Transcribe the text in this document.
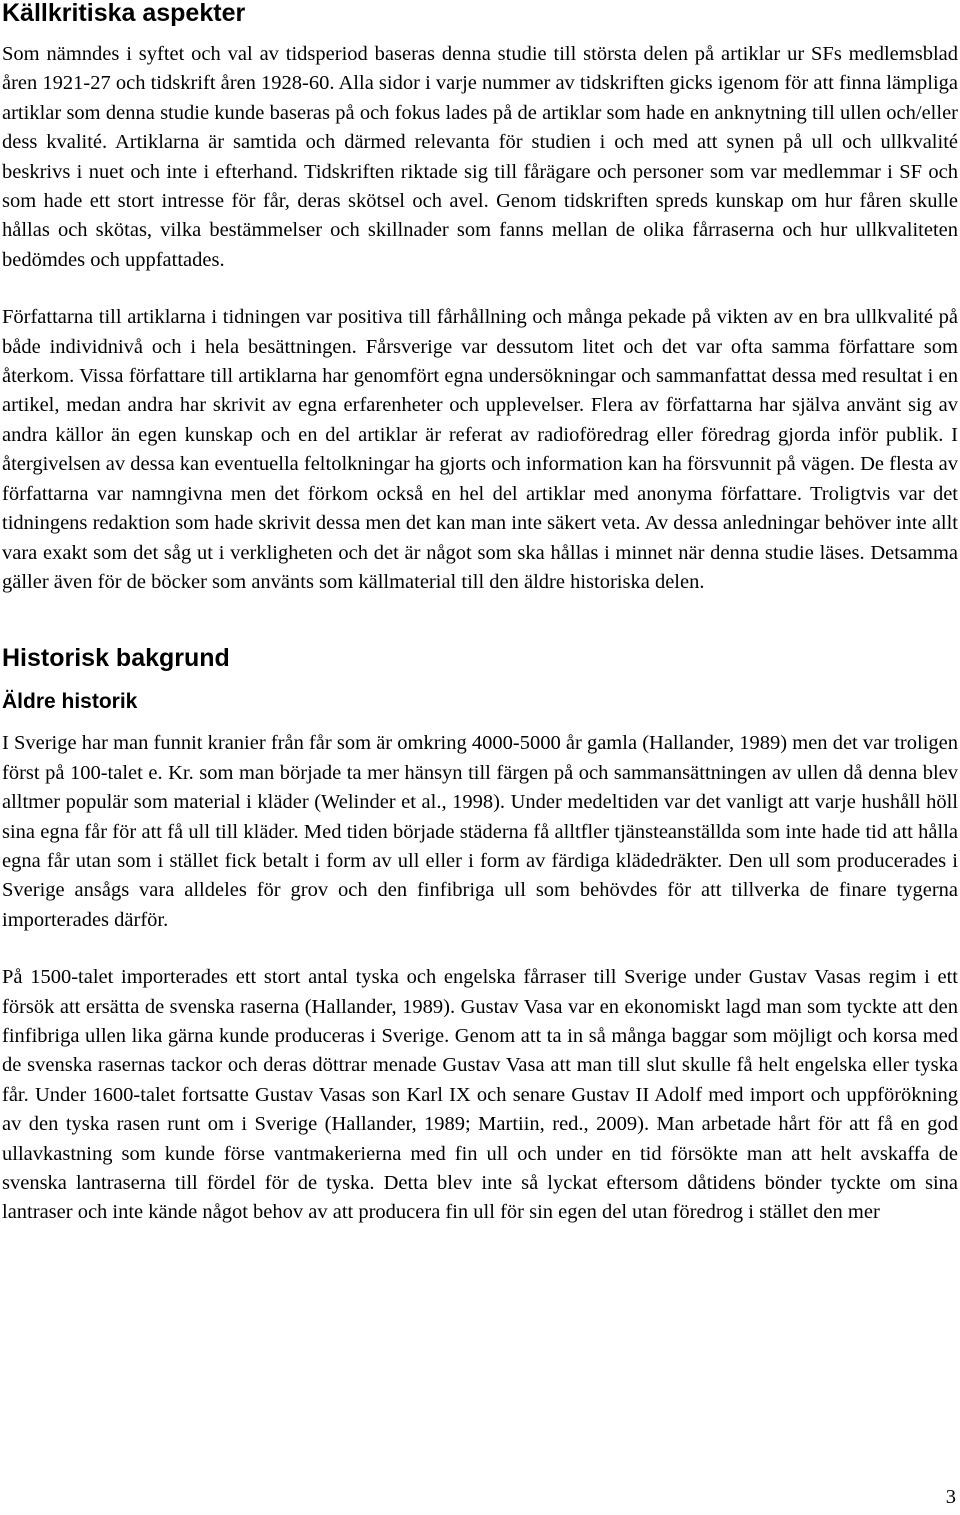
Källkritiska aspekter

Som nämndes i syftet och val av tidsperiod baseras denna studie till största delen på artiklar ur SFs medlemsblad åren 1921-27 och tidskrift åren 1928-60. Alla sidor i varje nummer av tidskriften gicks igenom för att finna lämpliga artiklar som denna studie kunde baseras på och fokus lades på de artiklar som hade en anknytning till ullen och/eller dess kvalité. Artiklarna är samtida och därmed relevanta för studien i och med att synen på ull och ullkvalité beskrivs i nuet och inte i efterhand. Tidskriften riktade sig till fårägare och personer som var medlemmar i SF och som hade ett stort intresse för får, deras skötsel och avel. Genom tidskriften spreds kunskap om hur fåren skulle hållas och skötas, vilka bestämmelser och skillnader som fanns mellan de olika fårraserna och hur ullkvaliteten bedömdes och uppfattades.

Författarna till artiklarna i tidningen var positiva till fårhållning och många pekade på vikten av en bra ullkvalité på både individnivå och i hela besättningen. Fårsverige var dessutom litet och det var ofta samma författare som återkom. Vissa författare till artiklarna har genomfört egna undersökningar och sammanfattat dessa med resultat i en artikel, medan andra har skrivit av egna erfarenheter och upplevelser. Flera av författarna har själva använt sig av andra källor än egen kunskap och en del artiklar är referat av radioföredrag eller föredrag gjorda inför publik. I återgivelsen av dessa kan eventuella feltolkningar ha gjorts och information kan ha försvunnit på vägen. De flesta av författarna var namngivna men det förkom också en hel del artiklar med anonyma författare. Troligtvis var det tidningens redaktion som hade skrivit dessa men det kan man inte säkert veta. Av dessa anledningar behöver inte allt vara exakt som det såg ut i verkligheten och det är något som ska hållas i minnet när denna studie läses. Detsamma gäller även för de böcker som använts som källmaterial till den äldre historiska delen.

Historisk bakgrund
Äldre historik

I Sverige har man funnit kranier från får som är omkring 4000-5000 år gamla (Hallander, 1989) men det var troligen först på 100-talet e. Kr. som man började ta mer hänsyn till färgen på och sammansättningen av ullen då denna blev alltmer populär som material i kläder (Welinder et al., 1998). Under medeltiden var det vanligt att varje hushåll höll sina egna får för att få ull till kläder. Med tiden började städerna få alltfler tjänsteanställda som inte hade tid att hålla egna får utan som i stället fick betalt i form av ull eller i form av färdiga klädedräkter. Den ull som producerades i Sverige ansågs vara alldeles för grov och den finfibriga ull som behövdes för att tillverka de finare tygerna importerades därför.

På 1500-talet importerades ett stort antal tyska och engelska fårraser till Sverige under Gustav Vasas regim i ett försök att ersätta de svenska raserna (Hallander, 1989). Gustav Vasa var en ekonomiskt lagd man som tyckte att den finfibriga ullen lika gärna kunde produceras i Sverige. Genom att ta in så många baggar som möjligt och korsa med de svenska rasernas tackor och deras döttrar menade Gustav Vasa att man till slut skulle få helt engelska eller tyska får. Under 1600-talet fortsatte Gustav Vasas son Karl IX och senare Gustav II Adolf med import och uppförökning av den tyska rasen runt om i Sverige (Hallander, 1989; Martiin, red., 2009). Man arbetade hårt för att få en god ullavkastning som kunde förse vantmakerierna med fin ull och under en tid försökte man att helt avskaffa de svenska lantraserna till fördel för de tyska. Detta blev inte så lyckat eftersom dåtidens bönder tyckte om sina lantraser och inte kände något behov av att producera fin ull för sin egen del utan föredrog i stället den mer

3
